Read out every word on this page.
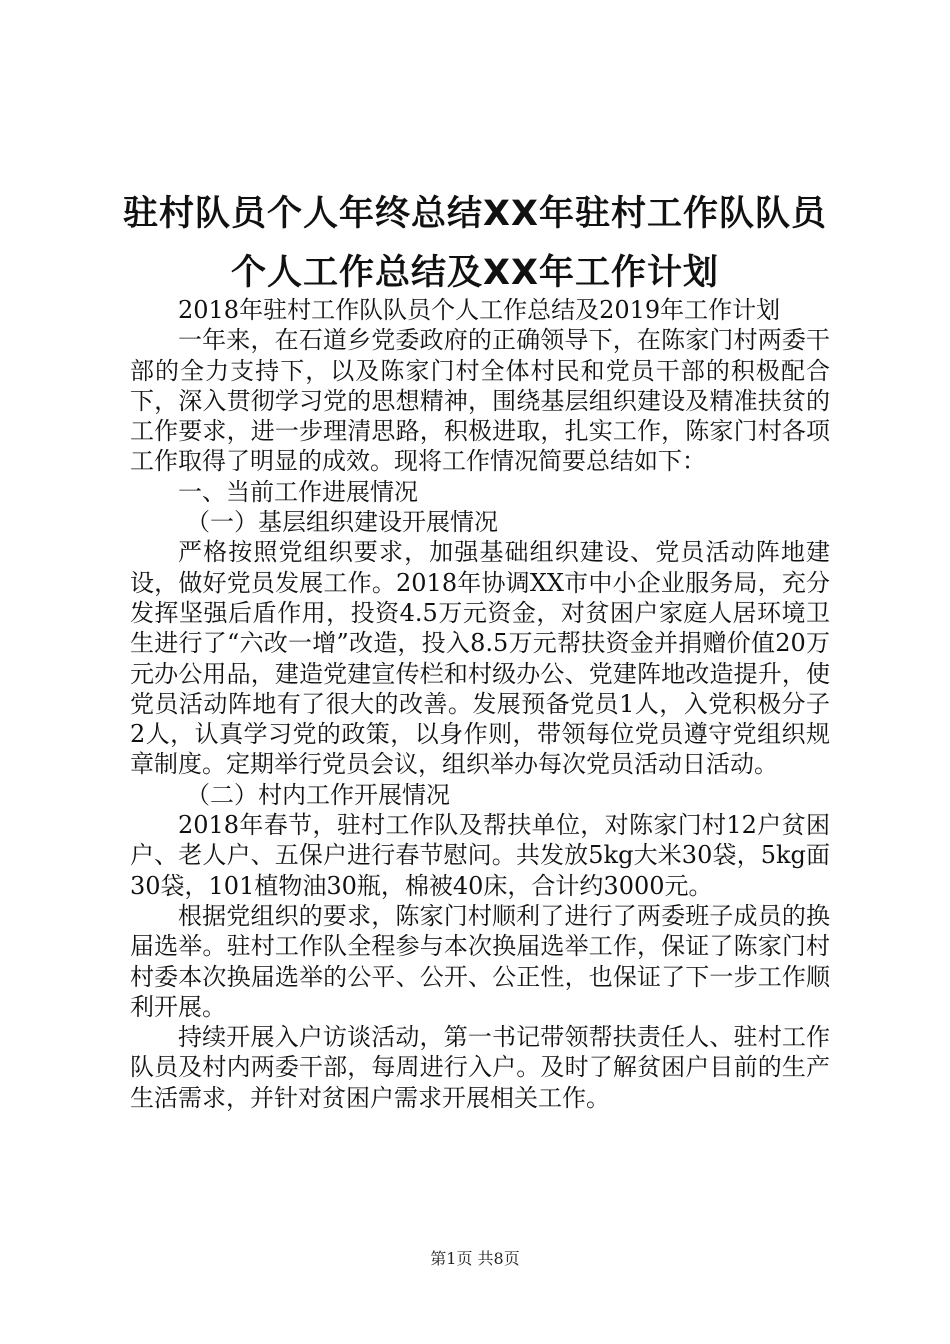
驻村队员个人年终总结XX年驻村工作队队员
个人工作总结及XX年工作计划

2018年驻村工作队队员个人工作总结及2019年工作计划

一年来，在石道乡党委政府的正确领导下，在陈家门村两委干部的全力支持下，以及陈家门村全体村民和党员干部的积极配合下，深入贯彻学习党的思想精神，围绕基层组织建设及精准扶贫的工作要求，进一步理清思路，积极进取，扎实工作，陈家门村各项工作取得了明显的成效。现将工作情况简要总结如下：

一、当前工作进展情况

（一）基层组织建设开展情况

严格按照党组织要求，加强基础组织建设、党员活动阵地建设，做好党员发展工作。2018年协调XX市中小企业服务局，充分发挥坚强后盾作用，投资4.5万元资金，对贫困户家庭人居环境卫生进行了“六改一增”改造，投入8.5万元帮扶资金并捐赠价值20万元办公用品，建造党建宣传栏和村级办公、党建阵地改造提升，使党员活动阵地有了很大的改善。发展预备党员1人，入党积极分子2人，认真学习党的政策，以身作则，带领每位党员遵守党组织规章制度。定期举行党员会议，组织举办每次党员活动日活动。

（二）村内工作开展情况

2018年春节，驻村工作队及帮扶单位，对陈家门村12户贫困户、老人户、五保户进行春节慰问。共发放5kg大米30袋，5kg面30袋，101植物油30瓶，棉被40床，合计约3000元。

根据党组织的要求，陈家门村顺利了进行了两委班子成员的换届选举。驻村工作队全程参与本次换届选举工作，保证了陈家门村村委本次换届选举的公平、公开、公正性，也保证了下一步工作顺利开展。

持续开展入户访谈活动，第一书记带领帮扶责任人、驻村工作队员及村内两委干部，每周进行入户。及时了解贫困户目前的生产生活需求，并针对贫困户需求开展相关工作。

第1页 共8页
